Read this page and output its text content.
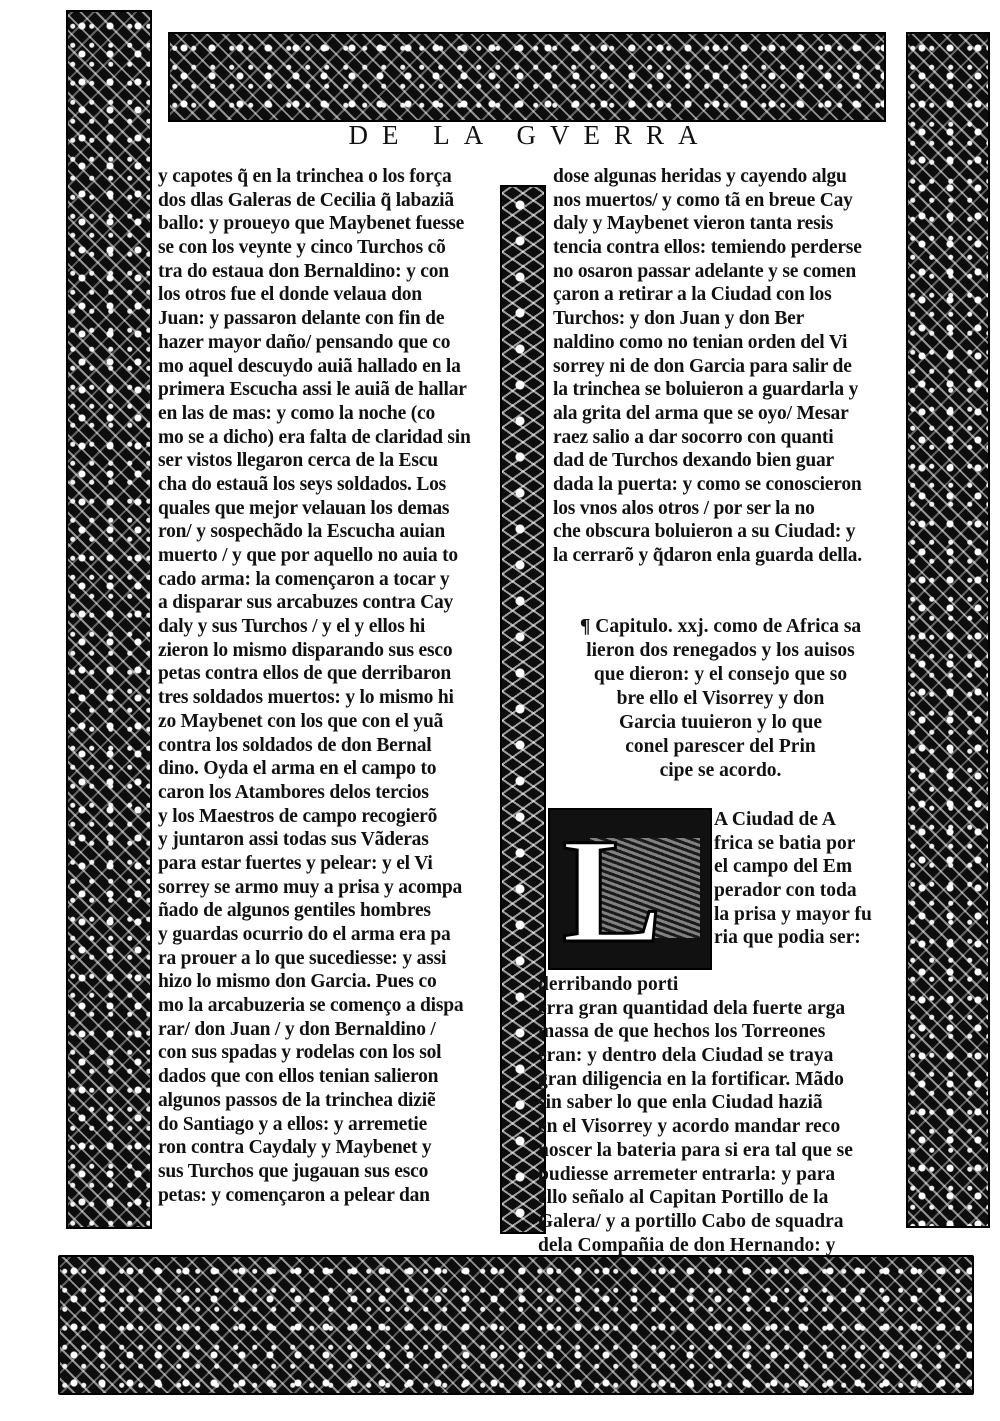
DE LA GVERRA
y capotes q̃ en la trinchea o los força
dos dlas Galeras de Cecilia q̃ labaziã
ballo: y proueyo que Maybenet fuesse
se con los veynte y cinco Turchos cõ
tra do estaua don Bernaldino: y con
los otros fue el donde velaua don
Juan: y passaron delante con fin de
hazer mayor daño/ pensando que co
mo aquel descuydo auiã hallado en la
primera Escucha assi le auiã de hallar
en las de mas: y como la noche (co
mo se a dicho) era falta de claridad sin
ser vistos llegaron cerca de la Escu
cha do estauã los seys soldados. Los
quales que mejor velauan los demas
ron/ y sospechãdo la Escucha auian
muerto / y que por aquello no auia to
cado arma: la començaron a tocar y
a disparar sus arcabuzes contra Cay
daly y sus Turchos / y el y ellos hi
zieron lo mismo disparando sus esco
petas contra ellos de que derribaron
tres soldados muertos: y lo mismo hi
zo Maybenet con los que con el yuã
contra los soldados de don Bernal
dino. Oyda el arma en el campo to
caron los Atambores delos tercios
y los Maestros de campo recogierõ
y juntaron assi todas sus Vãderas
para estar fuertes y pelear: y el Vi
sorrey se armo muy a prisa y acompa
ñado de algunos gentiles hombres
y guardas ocurrio do el arma era pa
ra prouer a lo que sucediesse: y assi
hizo lo mismo don Garcia. Pues co
mo la arcabuzeria se començo a dispa
rar/ don Juan / y don Bernaldino /
con sus spadas y rodelas con los sol
dados que con ellos tenian salieron
algunos passos de la trinchea diziẽ
do Santiago y a ellos: y arremetie
ron contra Caydaly y Maybenet y
sus Turchos que jugauan sus esco
petas: y començaron a pelear dan
dose algunas heridas y cayendo algu
nos muertos/ y como tã en breue Cay
daly y Maybenet vieron tanta resis
tencia contra ellos: temiendo perderse
no osaron passar adelante y se comen
çaron a retirar a la Ciudad con los
Turchos: y don Juan y don Ber
naldino como no tenian orden del Vi
sorrey ni de don Garcia para salir de
la trinchea se boluieron a guardarla y
ala grita del arma que se oyo/ Mesar
raez salio a dar socorro con quanti
dad de Turchos dexando bien guar
dada la puerta: y como se conoscieron
los vnos alos otros / por ser la no
che obscura boluieron a su Ciudad: y
la cerrarõ y q̃daron enla guarda della.
¶ Capitulo. xxj. como de Africa sa
lieron dos renegados y los auisos
que dieron: y el consejo que so
bre ello el Visorrey y don
Garcia tuuieron y lo que
conel parescer del Prin
cipe se acordo.
L	A Ciudad de A
frica se batia por
el campo del Em
perador con toda
la prisa y mayor fu
ria que podia ser:
derribando porti
erra gran quantidad dela fuerte arga
massa de que hechos los Torreones
eran: y dentro dela Ciudad se traya
gran diligencia en la fortificar. Mãdo
sin saber lo que enla Ciudad haziã
en el Visorrey y acordo mandar reco
noscer la bateria para si era tal que se
pudiesse arremeter entrarla: y para
ello señalo al Capitan Portillo de la
Galera/ y a portillo Cabo de squadra
dela Compañia de don Hernando: y
